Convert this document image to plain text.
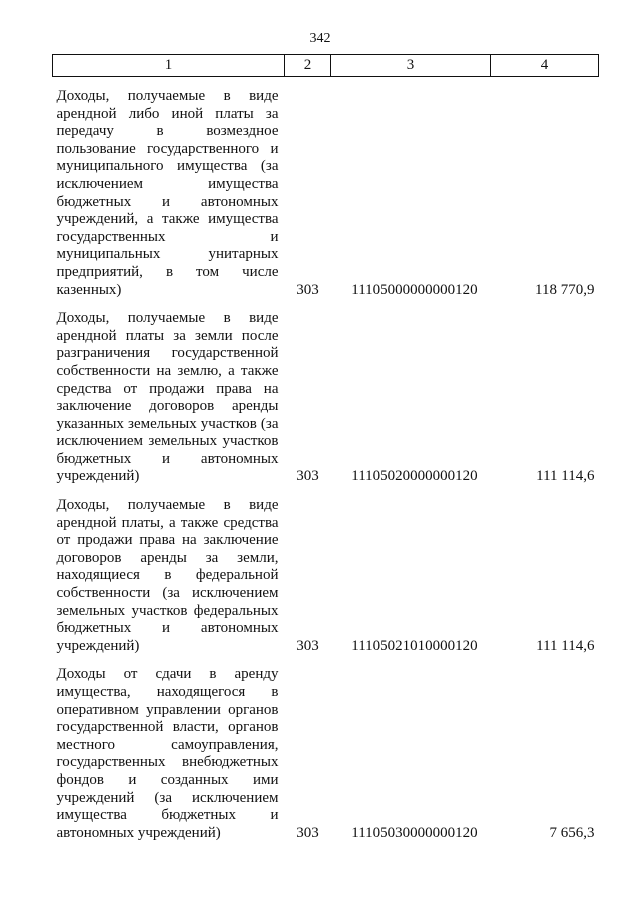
342
1	2	3	4

Доходы, получаемые в виде арендной либо иной платы за передачу в возмездное пользование государственного и муниципального имущества (за исключением имущества бюджетных и автономных учреждений, а также имущества государственных и муниципальных унитарных предприятий, в том числе казенных)	303	11105000000000120	118 770,9

Доходы, получаемые в виде арендной платы за земли после разграничения государственной собственности на землю, а также средства от продажи права на заключение договоров аренды указанных земельных участков (за исключением земельных участков бюджетных и автономных учреждений)	303	11105020000000120	111 114,6

Доходы, получаемые в виде арендной платы, а также средства от продажи права на заключение договоров аренды за земли, находящиеся в федеральной собственности (за исключением земельных участков федеральных бюджетных и автономных учреждений)	303	11105021010000120	111 114,6

Доходы от сдачи в аренду имущества, находящегося в оперативном управлении органов государственной власти, органов местного самоуправления, государственных внебюджетных фондов и созданных ими учреждений (за исключением имущества бюджетных и автономных учреждений)	303	11105030000000120	7 656,3
